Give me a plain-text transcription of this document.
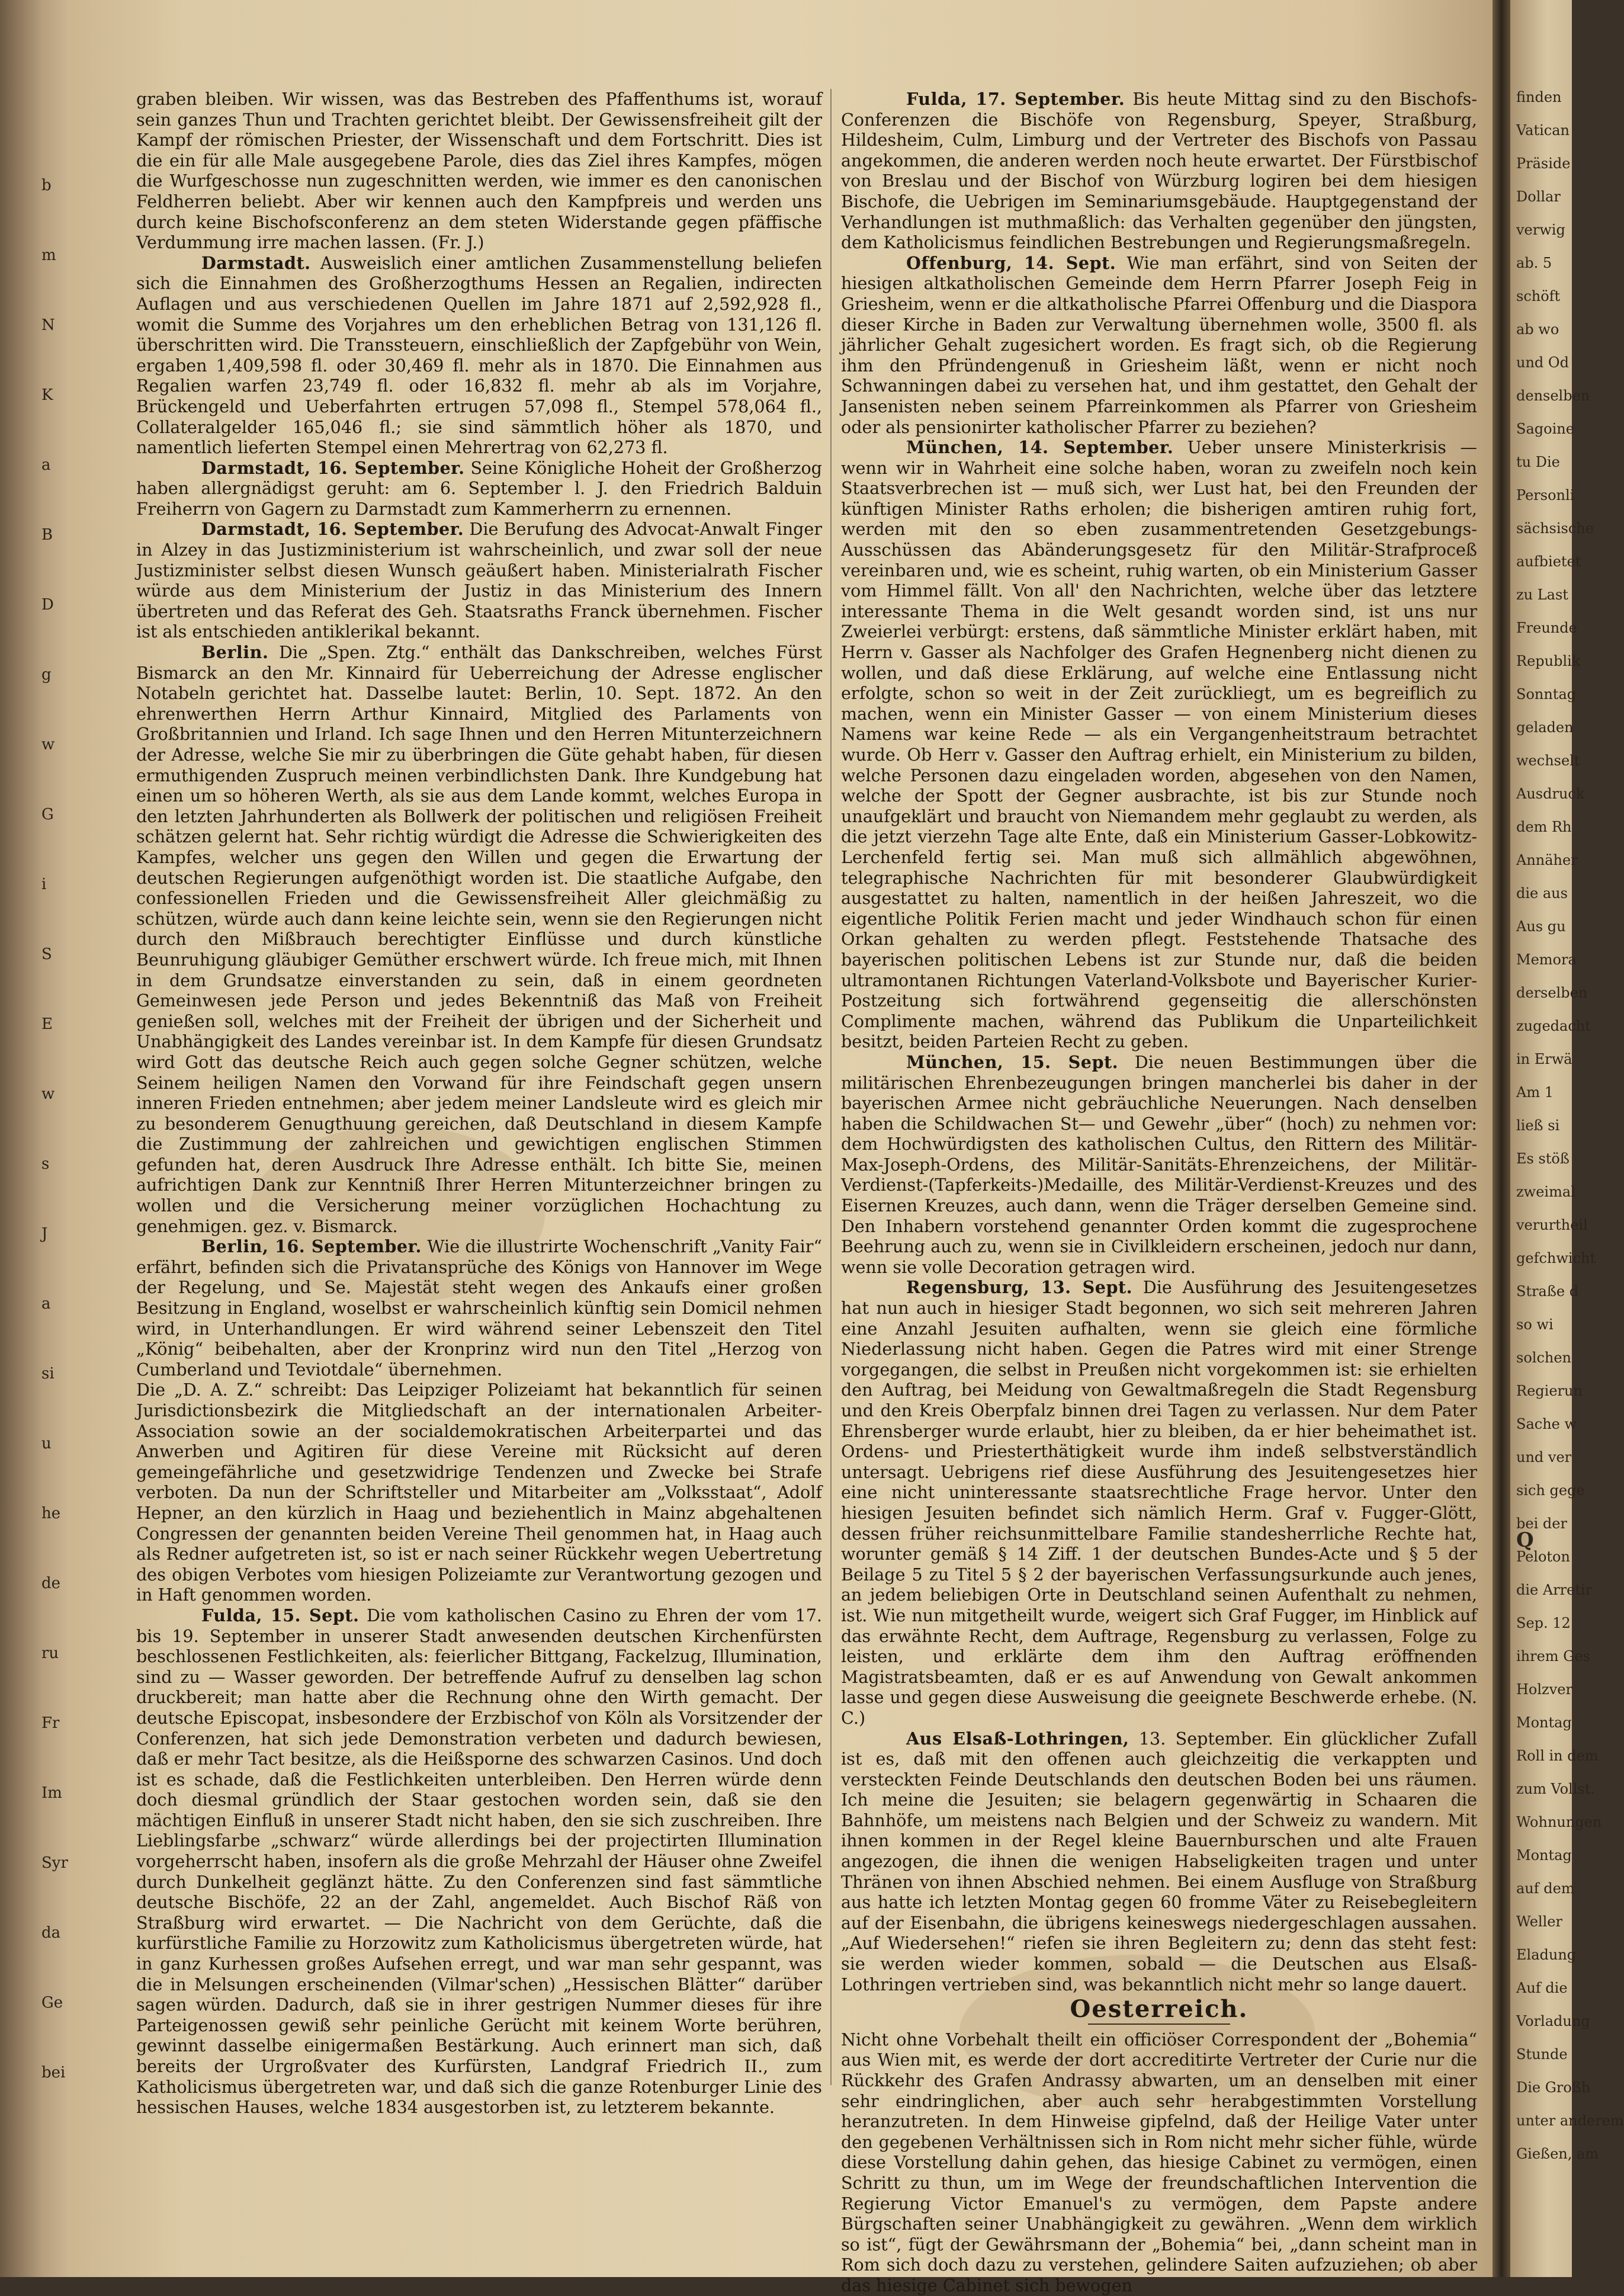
b
m
N
K
a
B
D
g
w
G
i
S
E
w
s
J
a
si
u
he
de
ru
Fr
Im
Syr
da
Ge
bei

graben bleiben. Wir wissen, was das Bestreben des Pfaffenthums ist, worauf sein ganzes Thun und Trachten gerichtet bleibt. Der Gewissensfreiheit gilt der Kampf der römischen Priester, der Wissenschaft und dem Fortschritt. Dies ist die ein für alle Male ausgegebene Parole, dies das Ziel ihres Kampfes, mögen die Wurfgeschosse nun zugeschnitten werden, wie immer es den canonischen Feldherren beliebt. Aber wir kennen auch den Kampfpreis und werden uns durch keine Bischofsconferenz an dem steten Widerstande gegen pfäffische Verdummung irre machen lassen. (Fr. J.)

Darmstadt. Ausweislich einer amtlichen Zusammenstellung beliefen sich die Einnahmen des Großherzogthums Hessen an Regalien, indirecten Auflagen und aus verschiedenen Quellen im Jahre 1871 auf 2,592,928 fl., womit die Summe des Vorjahres um den erheblichen Betrag von 131,126 fl. überschritten wird. Die Transsteuern, einschließlich der Zapfgebühr von Wein, ergaben 1,409,598 fl. oder 30,469 fl. mehr als in 1870. Die Einnahmen aus Regalien warfen 23,749 fl. oder 16,832 fl. mehr ab als im Vorjahre, Brückengeld und Ueberfahrten ertrugen 57,098 fl., Stempel 578,064 fl., Collateralgelder 165,046 fl.; sie sind sämmtlich höher als 1870, und namentlich lieferten Stempel einen Mehrertrag von 62,273 fl.

Darmstadt, 16. September. Seine Königliche Hoheit der Großherzog haben allergnädigst geruht: am 6. September l. J. den Friedrich Balduin Freiherrn von Gagern zu Darmstadt zum Kammerherrn zu ernennen.

Darmstadt, 16. September. Die Berufung des Advocat-Anwalt Finger in Alzey in das Justizministerium ist wahrscheinlich, und zwar soll der neue Justizminister selbst diesen Wunsch geäußert haben. Ministerialrath Fischer würde aus dem Ministerium der Justiz in das Ministerium des Innern übertreten und das Referat des Geh. Staatsraths Franck übernehmen. Fischer ist als entschieden antiklerikal bekannt.

Berlin. Die „Spen. Ztg.“ enthält das Dankschreiben, welches Fürst Bismarck an den Mr. Kinnaird für Ueberreichung der Adresse englischer Notabeln gerichtet hat. Dasselbe lautet: Berlin, 10. Sept. 1872. An den ehrenwerthen Herrn Arthur Kinnaird, Mitglied des Parlaments von Großbritannien und Irland. Ich sage Ihnen und den Herren Mitunterzeichnern der Adresse, welche Sie mir zu überbringen die Güte gehabt haben, für diesen ermuthigenden Zuspruch meinen verbindlichsten Dank. Ihre Kundgebung hat einen um so höheren Werth, als sie aus dem Lande kommt, welches Europa in den letzten Jahrhunderten als Bollwerk der politischen und religiösen Freiheit schätzen gelernt hat. Sehr richtig würdigt die Adresse die Schwierigkeiten des Kampfes, welcher uns gegen den Willen und gegen die Erwartung der deutschen Regierungen aufgenöthigt worden ist. Die staatliche Aufgabe, den confessionellen Frieden und die Gewissensfreiheit Aller gleichmäßig zu schützen, würde auch dann keine leichte sein, wenn sie den Regierungen nicht durch den Mißbrauch berechtigter Einflüsse und durch künstliche Beunruhigung gläubiger Gemüther erschwert würde. Ich freue mich, mit Ihnen in dem Grundsatze einverstanden zu sein, daß in einem geordneten Gemeinwesen jede Person und jedes Bekenntniß das Maß von Freiheit genießen soll, welches mit der Freiheit der übrigen und der Sicherheit und Unabhängigkeit des Landes vereinbar ist. In dem Kampfe für diesen Grundsatz wird Gott das deutsche Reich auch gegen solche Gegner schützen, welche Seinem heiligen Namen den Vorwand für ihre Feindschaft gegen unsern inneren Frieden entnehmen; aber jedem meiner Landsleute wird es gleich mir zu besonderem Genugthuung gereichen, daß Deutschland in diesem Kampfe die Zustimmung der zahlreichen und gewichtigen englischen Stimmen gefunden hat, deren Ausdruck Ihre Adresse enthält. Ich bitte Sie, meinen aufrichtigen Dank zur Kenntniß Ihrer Herren Mitunterzeichner bringen zu wollen und die Versicherung meiner vorzüglichen Hochachtung zu genehmigen. gez. v. Bismarck.

Berlin, 16. September. Wie die illustrirte Wochenschrift „Vanity Fair“ erfährt, befinden sich die Privatansprüche des Königs von Hannover im Wege der Regelung, und Se. Majestät steht wegen des Ankaufs einer großen Besitzung in England, woselbst er wahrscheinlich künftig sein Domicil nehmen wird, in Unterhandlungen. Er wird während seiner Lebenszeit den Titel „König“ beibehalten, aber der Kronprinz wird nun den Titel „Herzog von Cumberland und Teviotdale“ übernehmen.

Die „D. A. Z.“ schreibt: Das Leipziger Polizeiamt hat bekanntlich für seinen Jurisdictionsbezirk die Mitgliedschaft an der internationalen Arbeiter-Association sowie an der socialdemokratischen Arbeiterpartei und das Anwerben und Agitiren für diese Vereine mit Rücksicht auf deren gemeingefährliche und gesetzwidrige Tendenzen und Zwecke bei Strafe verboten. Da nun der Schriftsteller und Mitarbeiter am „Volksstaat“, Adolf Hepner, an den kürzlich in Haag und beziehentlich in Mainz abgehaltenen Congressen der genannten beiden Vereine Theil genommen hat, in Haag auch als Redner aufgetreten ist, so ist er nach seiner Rückkehr wegen Uebertretung des obigen Verbotes vom hiesigen Polizeiamte zur Verantwortung gezogen und in Haft genommen worden.

Fulda, 15. Sept. Die vom katholischen Casino zu Ehren der vom 17. bis 19. September in unserer Stadt anwesenden deutschen Kirchenfürsten beschlossenen Festlichkeiten, als: feierlicher Bittgang, Fackelzug, Illumination, sind zu — Wasser geworden. Der betreffende Aufruf zu denselben lag schon druckbereit; man hatte aber die Rechnung ohne den Wirth gemacht. Der deutsche Episcopat, insbesondere der Erzbischof von Köln als Vorsitzender der Conferenzen, hat sich jede Demonstration verbeten und dadurch bewiesen, daß er mehr Tact besitze, als die Heißsporne des schwarzen Casinos. Und doch ist es schade, daß die Festlichkeiten unterbleiben. Den Herren würde denn doch diesmal gründlich der Staar gestochen worden sein, daß sie den mächtigen Einfluß in unserer Stadt nicht haben, den sie sich zuschreiben. Ihre Lieblingsfarbe „schwarz“ würde allerdings bei der projectirten Illumination vorgeherrscht haben, insofern als die große Mehrzahl der Häuser ohne Zweifel durch Dunkelheit geglänzt hätte. Zu den Conferenzen sind fast sämmtliche deutsche Bischöfe, 22 an der Zahl, angemeldet. Auch Bischof Räß von Straßburg wird erwartet. — Die Nachricht von dem Gerüchte, daß die kurfürstliche Familie zu Horzowitz zum Katholicismus übergetreten würde, hat in ganz Kurhessen großes Aufsehen erregt, und war man sehr gespannt, was die in Melsungen erscheinenden (Vilmar'schen) „Hessischen Blätter“ darüber sagen würden. Dadurch, daß sie in ihrer gestrigen Nummer dieses für ihre Parteigenossen gewiß sehr peinliche Gerücht mit keinem Worte berühren, gewinnt dasselbe einigermaßen Bestärkung. Auch erinnert man sich, daß bereits der Urgroßvater des Kurfürsten, Landgraf Friedrich II., zum Katholicismus übergetreten war, und daß sich die ganze Rotenburger Linie des hessischen Hauses, welche 1834 ausgestorben ist, zu letzterem bekannte.

Fulda, 17. September. Bis heute Mittag sind zu den Bischofs-Conferenzen die Bischöfe von Regensburg, Speyer, Straßburg, Hildesheim, Culm, Limburg und der Vertreter des Bischofs von Passau angekommen, die anderen werden noch heute erwartet. Der Fürstbischof von Breslau und der Bischof von Würzburg logiren bei dem hiesigen Bischofe, die Uebrigen im Seminariumsgebäude. Hauptgegenstand der Verhandlungen ist muthmaßlich: das Verhalten gegenüber den jüngsten, dem Katholicismus feindlichen Bestrebungen und Regierungsmaßregeln.

Offenburg, 14. Sept. Wie man erfährt, sind von Seiten der hiesigen altkatholischen Gemeinde dem Herrn Pfarrer Joseph Feig in Griesheim, wenn er die altkatholische Pfarrei Offenburg und die Diaspora dieser Kirche in Baden zur Verwaltung übernehmen wolle, 3500 fl. als jährlicher Gehalt zugesichert worden. Es fragt sich, ob die Regierung ihm den Pfründengenuß in Griesheim läßt, wenn er nicht noch Schwanningen dabei zu versehen hat, und ihm gestattet, den Gehalt der Jansenisten neben seinem Pfarreinkommen als Pfarrer von Griesheim oder als pensionirter katholischer Pfarrer zu beziehen?

München, 14. September. Ueber unsere Ministerkrisis — wenn wir in Wahrheit eine solche haben, woran zu zweifeln noch kein Staatsverbrechen ist — muß sich, wer Lust hat, bei den Freunden der künftigen Minister Raths erholen; die bisherigen amtiren ruhig fort, werden mit den so eben zusammentretenden Gesetzgebungs-Ausschüssen das Abänderungsgesetz für den Militär-Strafproceß vereinbaren und, wie es scheint, ruhig warten, ob ein Ministerium Gasser vom Himmel fällt. Von all' den Nachrichten, welche über das letztere interessante Thema in die Welt gesandt worden sind, ist uns nur Zweierlei verbürgt: erstens, daß sämmtliche Minister erklärt haben, mit Herrn v. Gasser als Nachfolger des Grafen Hegnenberg nicht dienen zu wollen, und daß diese Erklärung, auf welche eine Entlassung nicht erfolgte, schon so weit in der Zeit zurückliegt, um es begreiflich zu machen, wenn ein Minister Gasser — von einem Ministerium dieses Namens war keine Rede — als ein Vergangenheitstraum betrachtet wurde. Ob Herr v. Gasser den Auftrag erhielt, ein Ministerium zu bilden, welche Personen dazu eingeladen worden, abgesehen von den Namen, welche der Spott der Gegner ausbrachte, ist bis zur Stunde noch unaufgeklärt und braucht von Niemandem mehr geglaubt zu werden, als die jetzt vierzehn Tage alte Ente, daß ein Ministerium Gasser-Lobkowitz-Lerchenfeld fertig sei. Man muß sich allmählich abgewöhnen, telegraphische Nachrichten für mit besonderer Glaubwürdigkeit ausgestattet zu halten, namentlich in der heißen Jahreszeit, wo die eigentliche Politik Ferien macht und jeder Windhauch schon für einen Orkan gehalten zu werden pflegt. Feststehende Thatsache des bayerischen politischen Lebens ist zur Stunde nur, daß die beiden ultramontanen Richtungen Vaterland-Volksbote und Bayerischer Kurier-Postzeitung sich fortwährend gegenseitig die allerschönsten Complimente machen, während das Publikum die Unparteilichkeit besitzt, beiden Parteien Recht zu geben.

München, 15. Sept. Die neuen Bestimmungen über die militärischen Ehrenbezeugungen bringen mancherlei bis daher in der bayerischen Armee nicht gebräuchliche Neuerungen. Nach denselben haben die Schildwachen St— und Gewehr „über“ (hoch) zu nehmen vor: dem Hochwürdigsten des katholischen Cultus, den Rittern des Militär-Max-Joseph-Ordens, des Militär-Sanitäts-Ehrenzeichens, der Militär-Verdienst-(Tapferkeits-)Medaille, des Militär-Verdienst-Kreuzes und des Eisernen Kreuzes, auch dann, wenn die Träger derselben Gemeine sind. Den Inhabern vorstehend genannter Orden kommt die zugesprochene Beehrung auch zu, wenn sie in Civilkleidern erscheinen, jedoch nur dann, wenn sie volle Decoration getragen wird.

Regensburg, 13. Sept. Die Ausführung des Jesuitengesetzes hat nun auch in hiesiger Stadt begonnen, wo sich seit mehreren Jahren eine Anzahl Jesuiten aufhalten, wenn sie gleich eine förmliche Niederlassung nicht haben. Gegen die Patres wird mit einer Strenge vorgegangen, die selbst in Preußen nicht vorgekommen ist: sie erhielten den Auftrag, bei Meidung von Gewaltmaßregeln die Stadt Regensburg und den Kreis Oberpfalz binnen drei Tagen zu verlassen. Nur dem Pater Ehrensberger wurde erlaubt, hier zu bleiben, da er hier beheimathet ist. Ordens- und Priesterthätigkeit wurde ihm indeß selbstverständlich untersagt. Uebrigens rief diese Ausführung des Jesuitengesetzes hier eine nicht uninteressante staatsrechtliche Frage hervor. Unter den hiesigen Jesuiten befindet sich nämlich Herm. Graf v. Fugger-Glött, dessen früher reichsunmittelbare Familie standesherrliche Rechte hat, worunter gemäß § 14 Ziff. 1 der deutschen Bundes-Acte und § 5 der Beilage 5 zu Titel 5 § 2 der bayerischen Verfassungsurkunde auch jenes, an jedem beliebigen Orte in Deutschland seinen Aufenthalt zu nehmen, ist. Wie nun mitgetheilt wurde, weigert sich Graf Fugger, im Hinblick auf das erwähnte Recht, dem Auftrage, Regensburg zu verlassen, Folge zu leisten, und erklärte dem ihm den Auftrag eröffnenden Magistratsbeamten, daß er es auf Anwendung von Gewalt ankommen lasse und gegen diese Ausweisung die geeignete Beschwerde erhebe. (N. C.)

Aus Elsaß-Lothringen, 13. September. Ein glücklicher Zufall ist es, daß mit den offenen auch gleichzeitig die verkappten und versteckten Feinde Deutschlands den deutschen Boden bei uns räumen. Ich meine die Jesuiten; sie belagern gegenwärtig in Schaaren die Bahnhöfe, um meistens nach Belgien und der Schweiz zu wandern. Mit ihnen kommen in der Regel kleine Bauernburschen und alte Frauen angezogen, die ihnen die wenigen Habseligkeiten tragen und unter Thränen von ihnen Abschied nehmen. Bei einem Ausfluge von Straßburg aus hatte ich letzten Montag gegen 60 fromme Väter zu Reisebegleitern auf der Eisenbahn, die übrigens keineswegs niedergeschlagen aussahen. „Auf Wiedersehen!“ riefen sie ihren Begleitern zu; denn das steht fest: sie werden wieder kommen, sobald — die Deutschen aus Elsaß-Lothringen vertrieben sind, was bekanntlich nicht mehr so lange dauert.

Oesterreich.

Nicht ohne Vorbehalt theilt ein officiöser Correspondent der „Bohemia“ aus Wien mit, es werde der dort accreditirte Vertreter der Curie nur die Rückkehr des Grafen Andrassy abwarten, um an denselben mit einer sehr eindringlichen, aber auch sehr herabgestimmten Vorstellung heranzutreten. In dem Hinweise gipfelnd, daß der Heilige Vater unter den gegebenen Verhältnissen sich in Rom nicht mehr sicher fühle, würde diese Vorstellung dahin gehen, das hiesige Cabinet zu vermögen, einen Schritt zu thun, um im Wege der freundschaftlichen Intervention die Regierung Victor Emanuel's zu vermögen, dem Papste andere Bürgschaften seiner Unabhängigkeit zu gewähren. „Wenn dem wirklich so ist“, fügt der Gewährsmann der „Bohemia“ bei, „dann scheint man in Rom sich doch dazu zu verstehen, gelindere Saiten aufzuziehen; ob aber das hiesige Cabinet sich bewogen

finden
Vatican
Präside
Dollar
verwig
ab. 5
schöft
ab wo
und Od
denselben
Sagoine
tu Die
Personli
sächsische
aufbietet
zu Last
Freunde
Republik
Sonntag
geladen
wechselt
Ausdruck
dem Rh
Annäher
die aus
Aus gu
Memora
derselben
zugedacht
in Erwä
Am 1
ließ si
Es stöß
zweimal
verurtheil
gefchwicht
Straße d
so wi
solchen
Regierun
Sache w
und ver
sich gege
bei der
Peloton
die Arretir
Sep. 12
ihrem Ges
Holzver
Montag
Roll in dem
zum Vollst.
Wohnungen
Montag
auf dem
Weller
Eladung
Auf die
Vorladung
Stunde
Die Großh
unter anderem
Gießen, am
Q
